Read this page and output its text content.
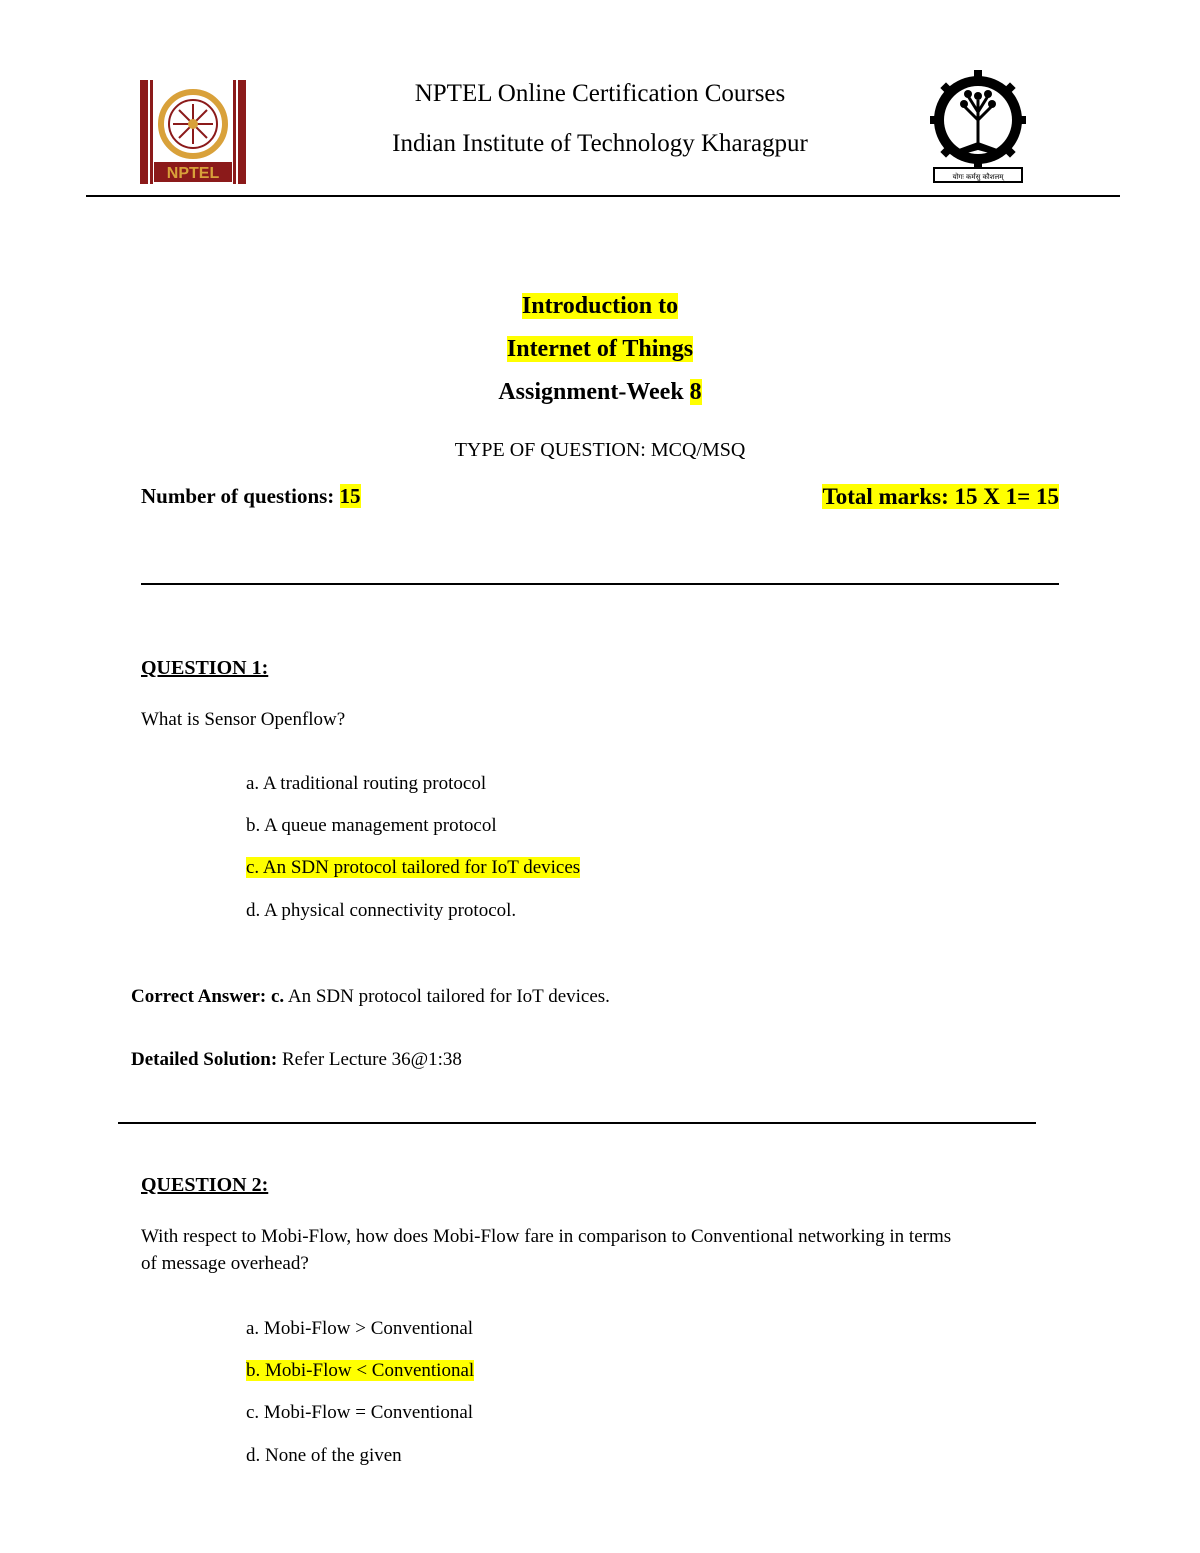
NPTEL
NPTEL Online Certification Courses
Indian Institute of Technology Kharagpur
योगः कर्मसु कौशलम्
Introduction to
Internet of Things
Assignment-Week 8
TYPE OF QUESTION: MCQ/MSQ
Number of questions: 15	Total marks: 15 X 1= 15
QUESTION 1:
What is Sensor Openflow?
a. A traditional routing protocol
b. A queue management protocol
c. An SDN protocol tailored for IoT devices
d. A physical connectivity protocol.
Correct Answer: c. An SDN protocol tailored for IoT devices.
Detailed Solution: Refer Lecture 36@1:38
QUESTION 2:
With respect to Mobi-Flow, how does Mobi-Flow fare in comparison to Conventional networking in terms
of message overhead?
a. Mobi-Flow > Conventional
b. Mobi-Flow < Conventional
c. Mobi-Flow = Conventional
d. None of the given
